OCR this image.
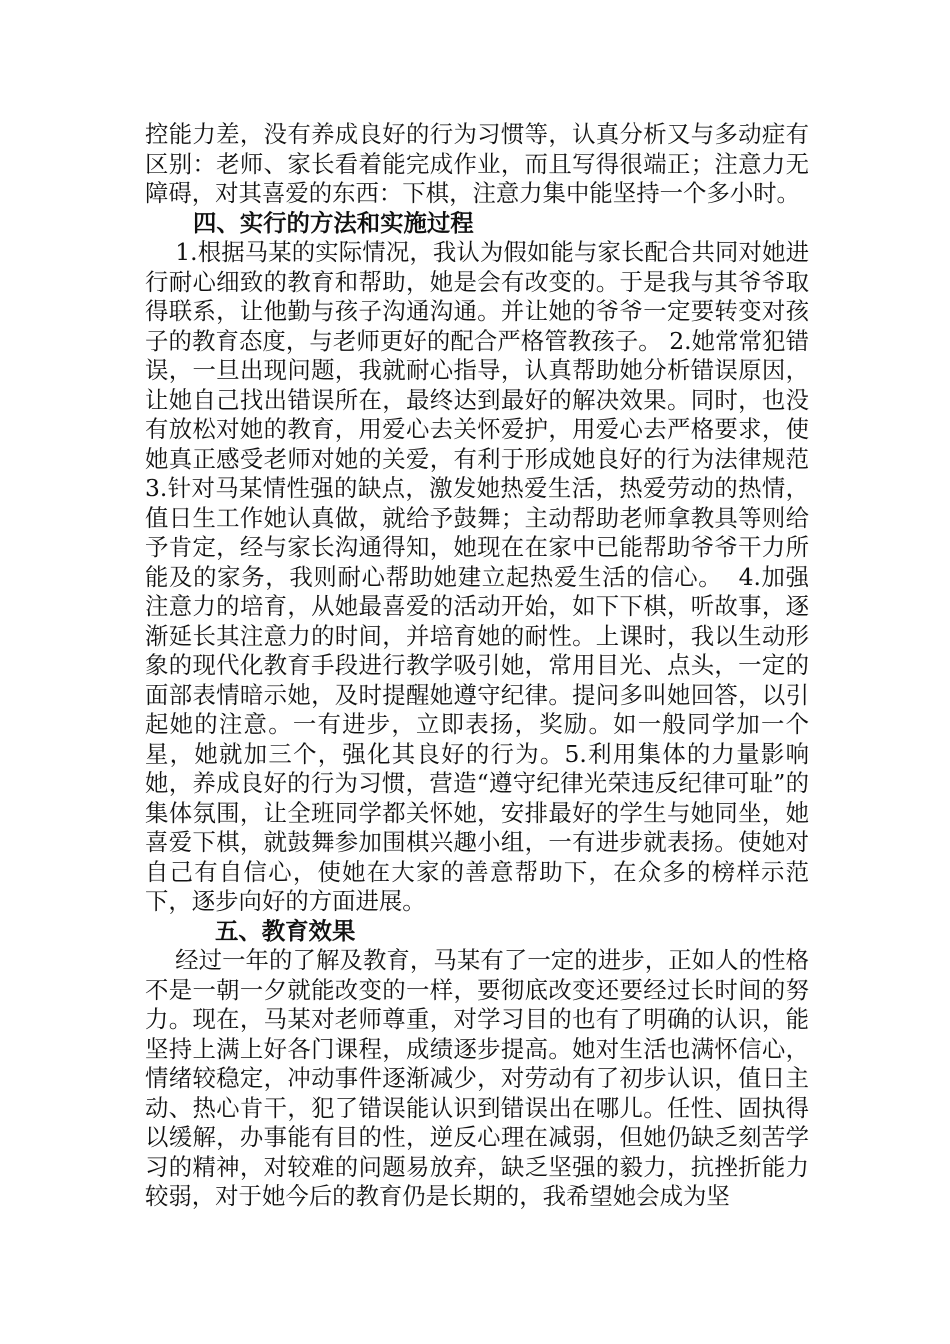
控能力差，没有养成良好的行为习惯等，认真分析又与多动症有区别：老师、家长看着能完成作业，而且写得很端正；注意力无障碍，对其喜爱的东西：下棋，注意力集中能坚持一个多小时。

四、实行的方法和实施过程

1.根据马某的实际情况，我认为假如能与家长配合共同对她进行耐心细致的教育和帮助，她是会有改变的。于是我与其爷爷取得联系，让他勤与孩子沟通沟通。并让她的爷爷一定要转变对孩子的教育态度，与老师更好的配合严格管教孩子。 2.她常常犯错误，一旦出现问题，我就耐心指导，认真帮助她分析错误原因，让她自己找出错误所在，最终达到最好的解决效果。同时，也没有放松对她的教育，用爱心去关怀爱护，用爱心去严格要求，使她真正感受老师对她的关爱，有利于形成她良好的行为法律规范 3.针对马某情性强的缺点，激发她热爱生活，热爱劳动的热情，值日生工作她认真做，就给予鼓舞；主动帮助老师拿教具等则给予肯定，经与家长沟通得知，她现在在家中已能帮助爷爷干力所能及的家务，我则耐心帮助她建立起热爱生活的信心。  4.加强注意力的培育，从她最喜爱的活动开始，如下下棋，听故事，逐渐延长其注意力的时间，并培育她的耐性。上课时，我以生动形象的现代化教育手段进行教学吸引她，常用目光、点头，一定的面部表情暗示她，及时提醒她遵守纪律。提问多叫她回答，以引起她的注意。一有进步，立即表扬，奖励。如一般同学加一个星，她就加三个，强化其良好的行为。5.利用集体的力量影响她，养成良好的行为习惯，营造“遵守纪律光荣违反纪律可耻”的集体氛围，让全班同学都关怀她，安排最好的学生与她同坐，她喜爱下棋，就鼓舞参加围棋兴趣小组，一有进步就表扬。使她对自己有自信心，使她在大家的善意帮助下，在众多的榜样示范下，逐步向好的方面进展。

五、教育效果

经过一年的了解及教育，马某有了一定的进步，正如人的性格不是一朝一夕就能改变的一样，要彻底改变还要经过长时间的努力。现在，马某对老师尊重，对学习目的也有了明确的认识，能坚持上满上好各门课程，成绩逐步提高。她对生活也满怀信心，情绪较稳定，冲动事件逐渐减少，对劳动有了初步认识，值日主动、热心肯干，犯了错误能认识到错误出在哪儿。任性、固执得以缓解，办事能有目的性，逆反心理在减弱，但她仍缺乏刻苦学习的精神，对较难的问题易放弃，缺乏坚强的毅力，抗挫折能力较弱，对于她今后的教育仍是长期的，我希望她会成为坚
